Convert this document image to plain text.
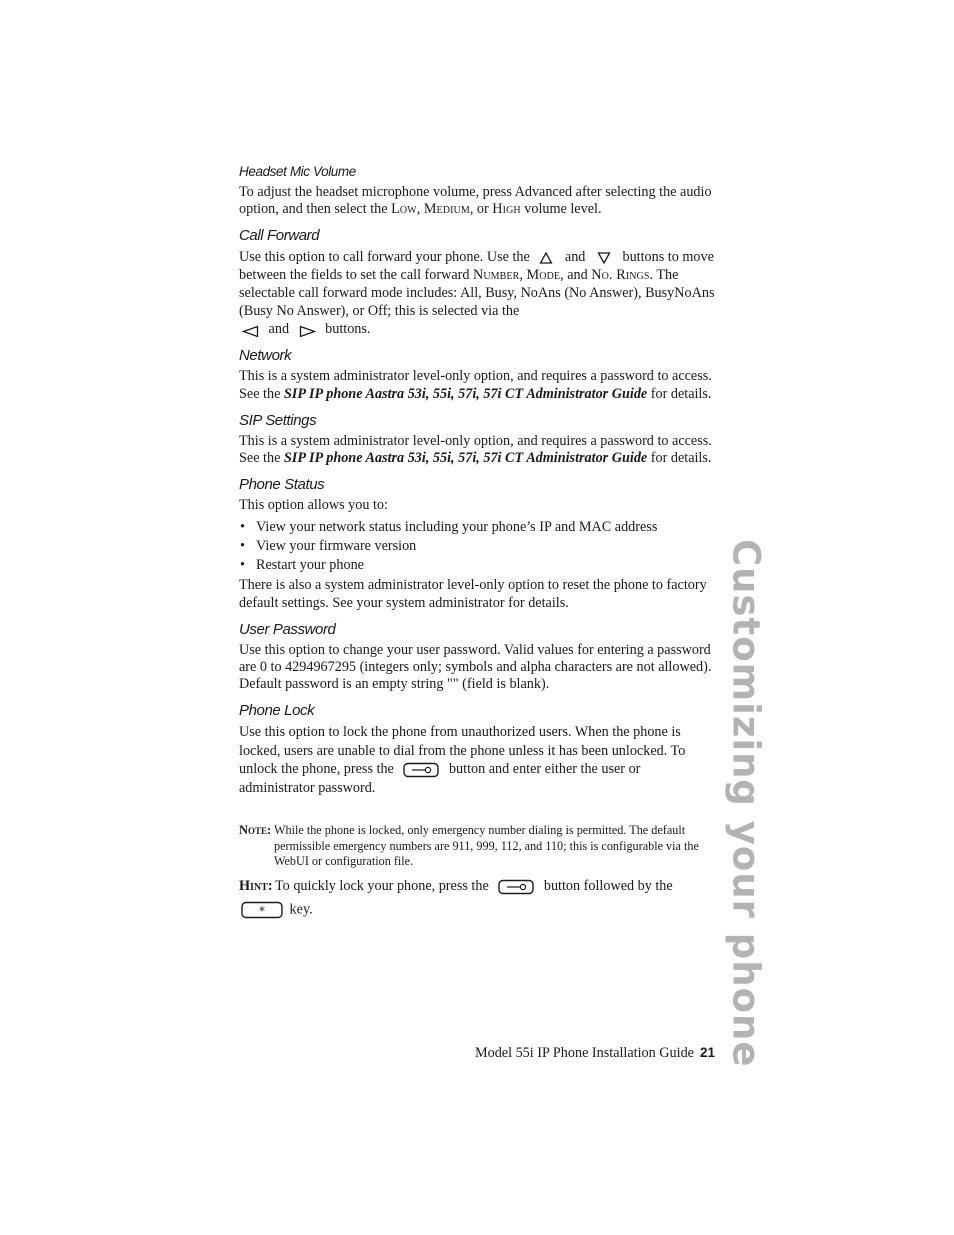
Headset Mic Volume

To adjust the headset microphone volume, press Advanced after selecting the audio option, and then select the Low, Medium, or High volume level.

Call Forward

Use this option to call forward your phone. Use the and	buttons to move between the fields to set the call forward Number, Mode, and No. Rings. The selectable call forward mode includes: All, Busy, NoAns (No Answer), BusyNoAns (Busy No Answer), or Off; this is selected via the

and	buttons.

Network

This is a system administrator level-only option, and requires a password to access. See the SIP IP phone Aastra 53i, 55i, 57i, 57i CT Administrator Guide for details.

SIP Settings

This is a system administrator level-only option, and requires a password to access. See the SIP IP phone Aastra 53i, 55i, 57i, 57i CT Administrator Guide for details.

Phone Status

This option allows you to:

• View your network status including your phone’s IP and MAC address
• View your firmware version
• Restart your phone

There is also a system administrator level-only option to reset the phone to factory default settings. See your system administrator for details.

User Password

Use this option to change your user password. Valid values for entering a password are 0 to 4294967295 (integers only; symbols and alpha characters are not allowed). Default password is an empty string "" (field is blank).

Phone Lock

Use this option to lock the phone from unauthorized users. When the phone is locked, users are unable to dial from the phone unless it has been unlocked. To unlock the phone, press the	button and enter either the user or administrator password.

Note: While the phone is locked, only emergency number dialing is permitted. The default permissible emergency numbers are 911, 999, 112, and 110; this is configurable via the WebUI or configuration file.
Hint: To quickly lock your phone, press the	button followed by the
* key.	Customizing your phone
Model 55i IP Phone Installation Guide 21
